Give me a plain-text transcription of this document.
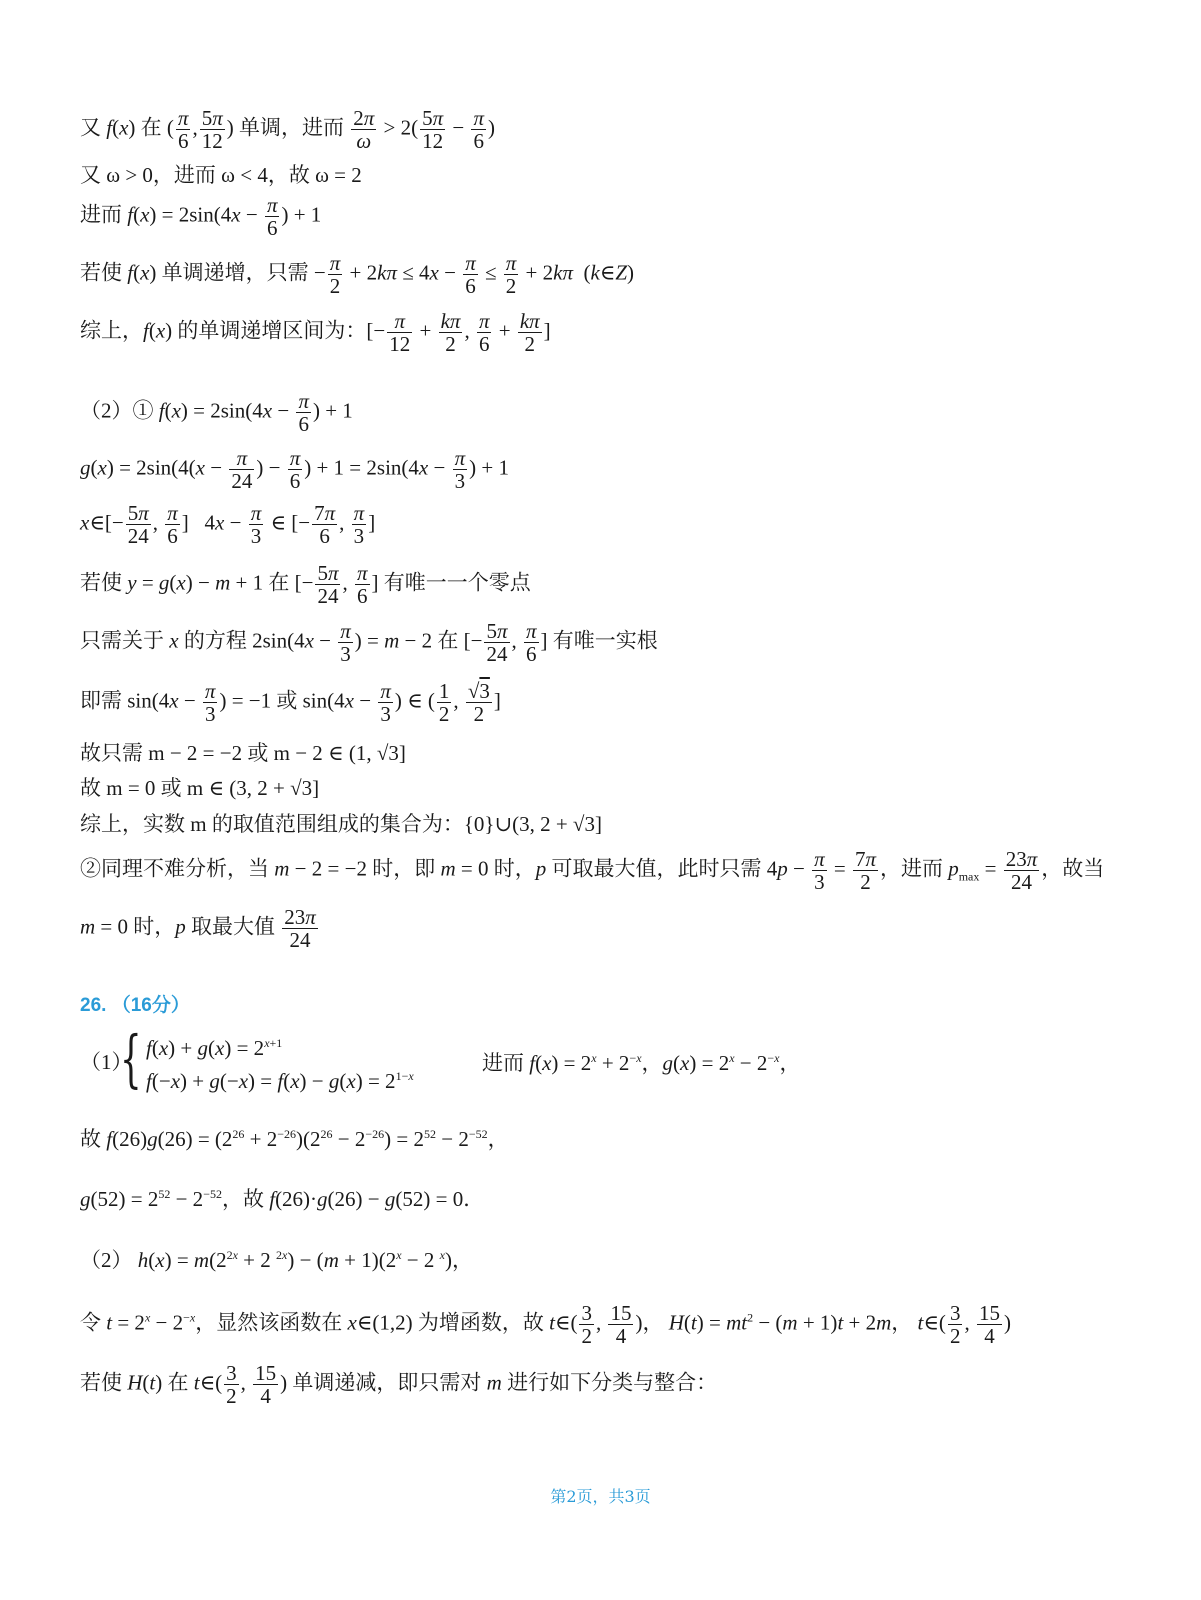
又 f(x) 在 ( $\frac{\pi}{6}$ , $\frac{5\pi}{12}$ ) 单调，进而 $\frac{2\pi}{\omega} > 2( \frac{5\pi}{12} - \frac{\pi}{6}$ )
又 ω > 0，进而 ω < 4，故 ω = 2
进而 $f(x) = 2\sin(4x - \frac{\pi}{6}$ ) + 1
若使 f(x) 单调递增，只需 − $\frac{\pi}{2} + 2k\pi \le 4x - \frac{\pi}{6} \le \frac{\pi}{2} + 2k\pi$  (k∈Z)
综上，f(x) 的单调递增区间为：[− $\frac{\pi}{12} + \frac{k\pi}{2}$ , $\frac{\pi}{6} + \frac{k\pi}{2}$ ]
（2）① $f(x) = 2\sin(4x - \frac{\pi}{6}$ ) + 1
$g(x) = 2\sin(4(x - \frac{\pi}{24}$ ) − $\frac{\pi}{6}$ ) + $1 = 2\sin(4x - \frac{\pi}{3}$ ) + 1
x∈[− $\frac{5\pi}{24}$ , $\frac{\pi}{6}$ ]   $4x - \frac{\pi}{3}$ ∈ [− $\frac{7\pi}{6}$ , $\frac{\pi}{3}$ ]
若使 y = g(x) − m + 1 在 [− $\frac{5\pi}{24}$ , $\frac{\pi}{6}$ ] 有唯一一个零点
只需关于 x 的方程 $2\sin(4x - \frac{\pi}{3}$ ) = m − 2 在 [− $\frac{5\pi}{24}$ , $\frac{\pi}{6}$ ] 有唯一实根
即需 $\sin(4x - \frac{\pi}{3}$ ) = −1 或 $\sin(4x - \frac{\pi}{3}$ ) ∈ ( $\frac{1}{2}$ , $\frac{√3}{2}$ ]
故只需 m − 2 = −2 或 m − 2 ∈ (1, √3]
故 m = 0 或 m ∈ (3, 2 + √3]
综上，实数 m 的取值范围组成的集合为：{0}∪(3, 2 + √3]
②同理不难分析，当 m − 2 = −2 时，即 m = 0 时，p 可取最大值，此时只需 $4p - \frac{\pi}{3} = \frac{7\pi}{2}$ ，进而 $p_{max} = \frac{23\pi}{24}$ ，故当
m = 0 时，p 取最大值 $\frac{23\pi}{24}$
26. （16分）
（1）
{ $f(x) + g(x) = 2^{x+1}$
$f(-x) + g(-x) = f(x) - g(x) = 2^{1-x}$
进而 $f(x) = 2^x + 2^{-x}$，$g(x) = 2^x - 2^{-x}$，
故 $f(26)g(26) = (2^{26} + 2^{-26})(2^{26} - 2^{-26}) = 2^{52} - 2^{-52}$，
$g(52) = 2^{52} - 2^{-52}$，故 f(26)·g(26) − g(52) = 0．
（2） $h(x) = m(2^{2x} + 2$ $^{2x}) - (m + 1)(2^x - 2$ $^x$)，
令 $t = 2^x - 2^{-x}$，显然该函数在 x∈(1,2) 为增函数，故 t∈( $\frac{3}{2}$ , $\frac{15}{4}$ )， $H(t) = mt^2 - (m + 1)t + 2m$， t∈( $\frac{3}{2}$ , $\frac{15}{4}$ )
若使 H(t) 在 t∈( $\frac{3}{2}$ , $\frac{15}{4}$ ) 单调递减，即只需对 m 进行如下分类与整合：
第2页，共3页
